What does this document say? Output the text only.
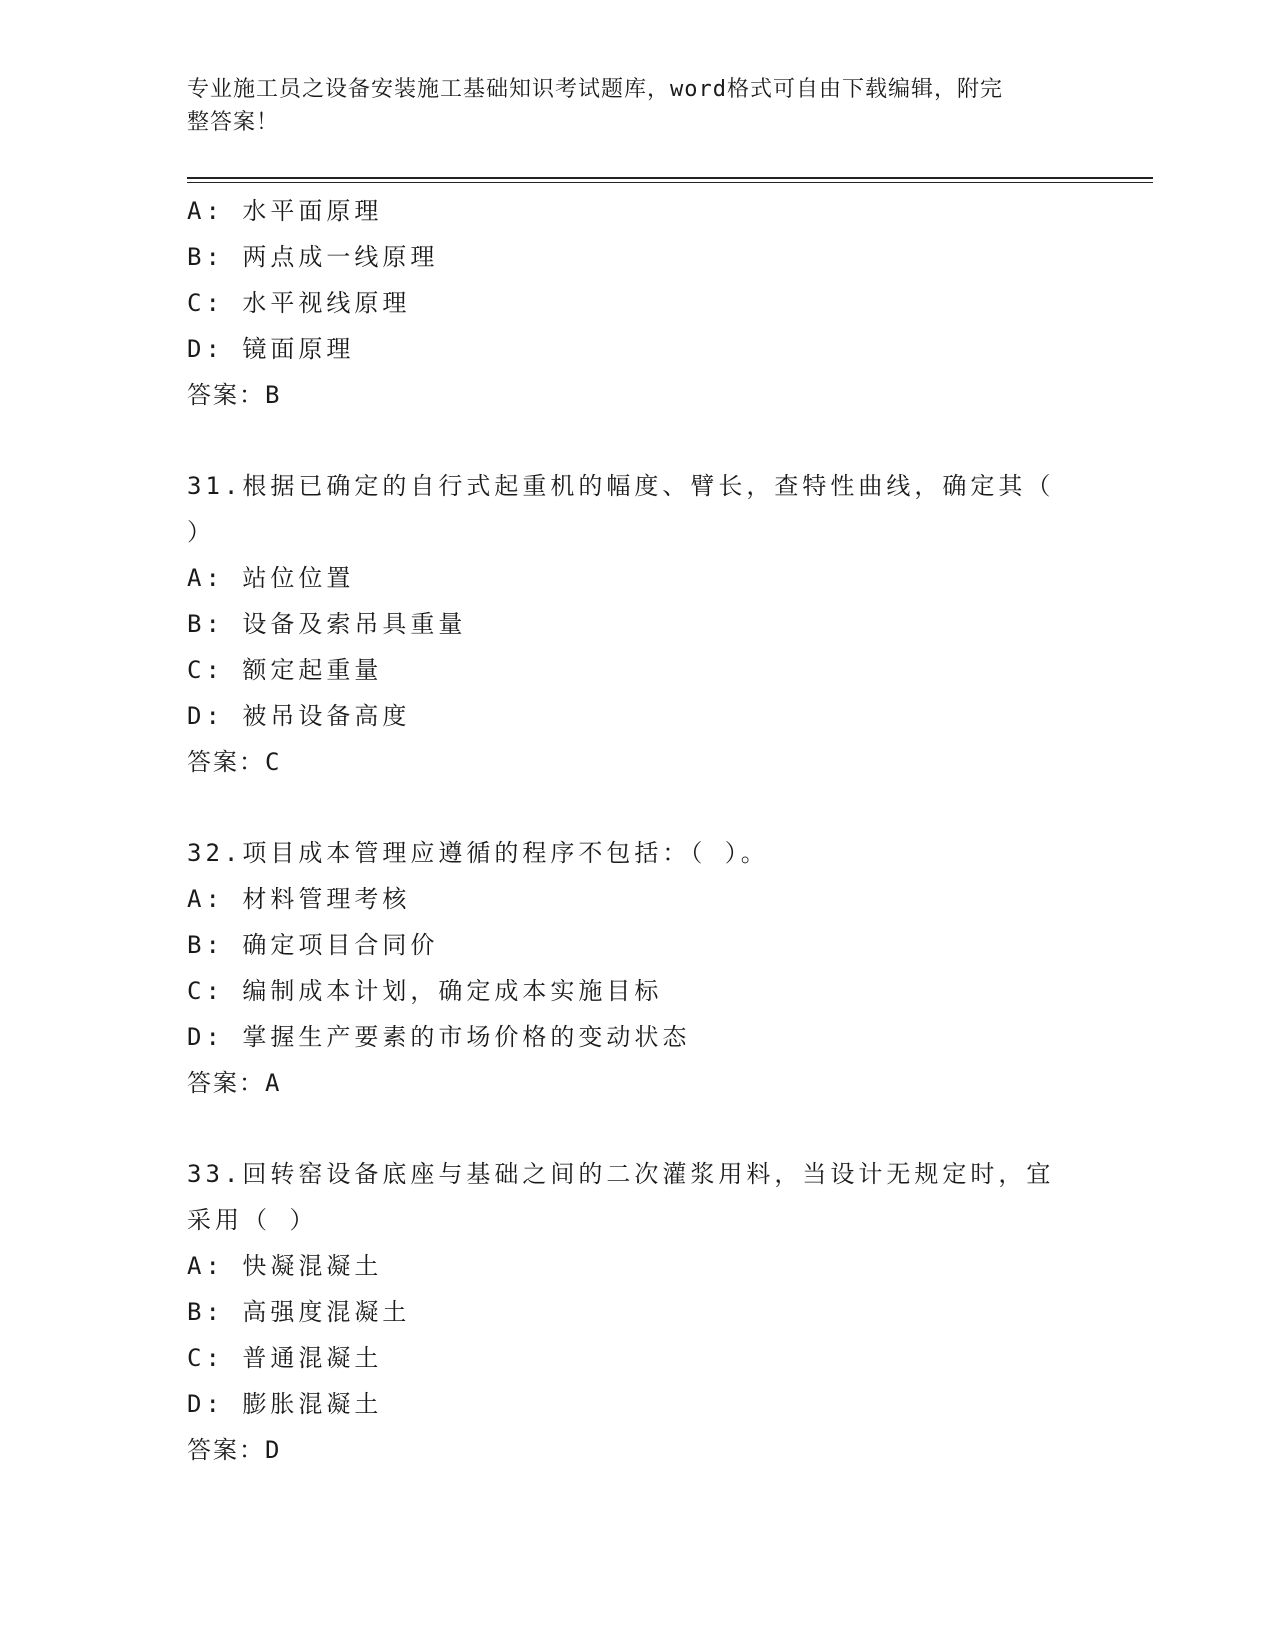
专业施工员之设备安装施工基础知识考试题库，word格式可自由下载编辑，附完
整答案！
A: 水平面原理
B: 两点成一线原理
C: 水平视线原理
D: 镜面原理
答案：B
31.根据已确定的自行式起重机的幅度、臂长，查特性曲线，确定其（
）
A: 站位位置
B: 设备及索吊具重量
C: 额定起重量
D: 被吊设备高度
答案：C
32.项目成本管理应遵循的程序不包括：（ ）。
A: 材料管理考核
B: 确定项目合同价
C: 编制成本计划，确定成本实施目标
D: 掌握生产要素的市场价格的变动状态
答案：A
33.回转窑设备底座与基础之间的二次灌浆用料，当设计无规定时，宜
采用（ ）
A: 快凝混凝土
B: 高强度混凝土
C: 普通混凝土
D: 膨胀混凝土
答案：D
